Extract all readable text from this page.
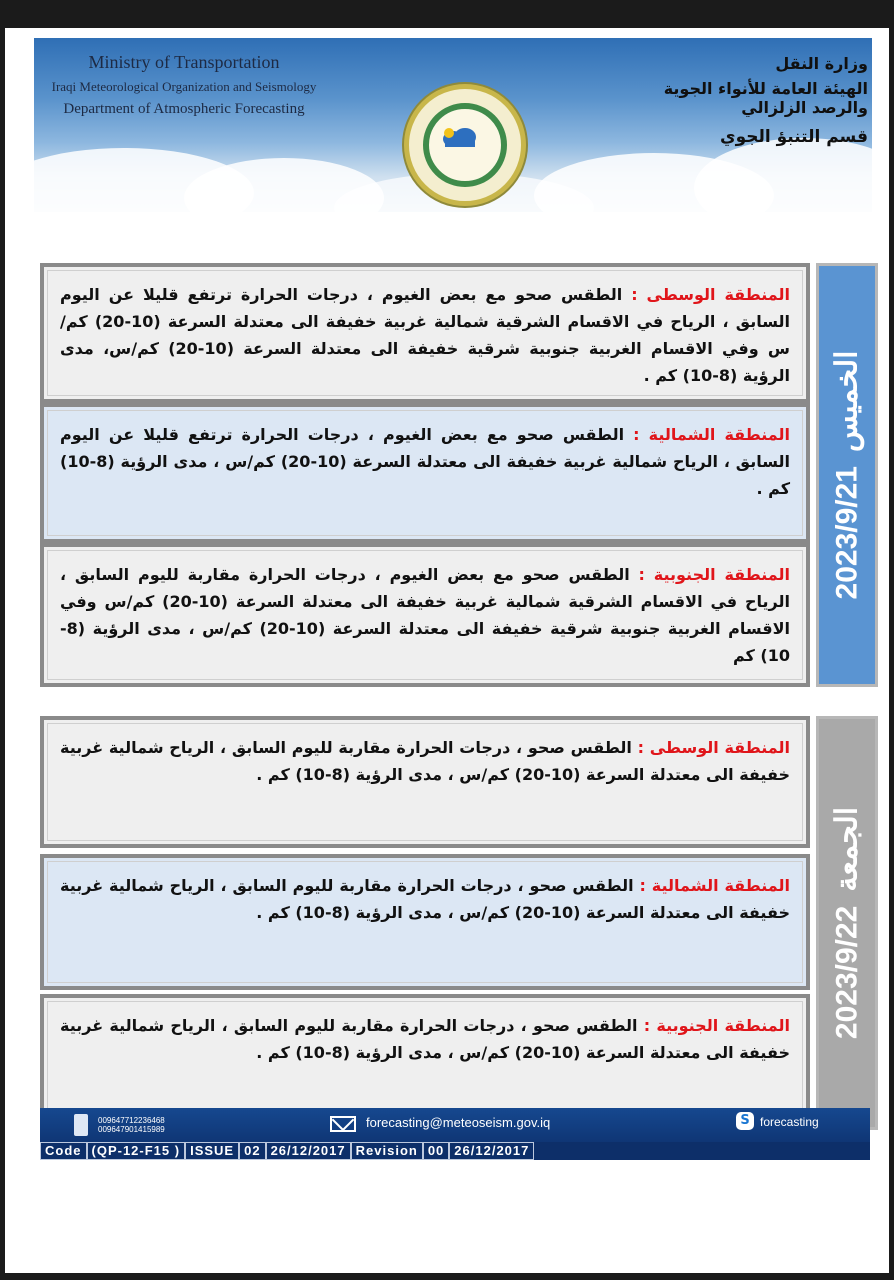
Ministry of Transportation
Iraqi Meteorological Organization and Seismology
Department of Atmospheric Forecasting
وزارة النقل
الهيئة العامة للأنواء الجوية والرصد الزلزالي
قسم التنبؤ الجوي
المنطقة الوسطى : الطقس صحو مع بعض الغيوم ، درجات الحرارة ترتفع قليلا عن اليوم السابق ، الرياح في الاقسام الشرقية شمالية غربية خفيفة الى معتدلة السرعة (10-20) كم/س وفي الاقسام الغربية جنوبية شرقية خفيفة الى معتدلة السرعة (10-20) كم/س، مدى الرؤية (8-10) كم .
المنطقة الشمالية : الطقس صحو مع بعض الغيوم ، درجات الحرارة ترتفع قليلا عن اليوم السابق ، الرياح شمالية غربية خفيفة الى معتدلة السرعة (10-20) كم/س ، مدى الرؤية (8-10) كم .
المنطقة الجنوبية : الطقس صحو مع بعض الغيوم ، درجات الحرارة مقاربة لليوم السابق ، الرياح في الاقسام الشرقية شمالية غربية خفيفة الى معتدلة السرعة (10-20) كم/س وفي الاقسام الغربية جنوبية شرقية خفيفة الى معتدلة السرعة (10-20) كم/س ، مدى الرؤية (8-10) كم
2023/9/21الخميس
المنطقة الوسطى : الطقس صحو ، درجات الحرارة مقاربة لليوم السابق ، الرياح شمالية غربية خفيفة الى معتدلة السرعة (10-20) كم/س ، مدى الرؤية (8-10) كم .
المنطقة الشمالية : الطقس صحو ، درجات الحرارة مقاربة لليوم السابق ، الرياح شمالية غربية خفيفة الى معتدلة السرعة (10-20) كم/س ، مدى الرؤية (8-10) كم .
المنطقة الجنوبية : الطقس صحو ، درجات الحرارة مقاربة لليوم السابق ، الرياح شمالية غربية خفيفة الى معتدلة السرعة (10-20) كم/س ، مدى الرؤية (8-10) كم .
2023/9/22الجمعة
009647712236468
009647901415989	forecasting@meteoseism.gov.iq	S forecasting
Code (QP-12-F15 ) ISSUE 02 26/12/2017 Revision 00 26/12/2017
